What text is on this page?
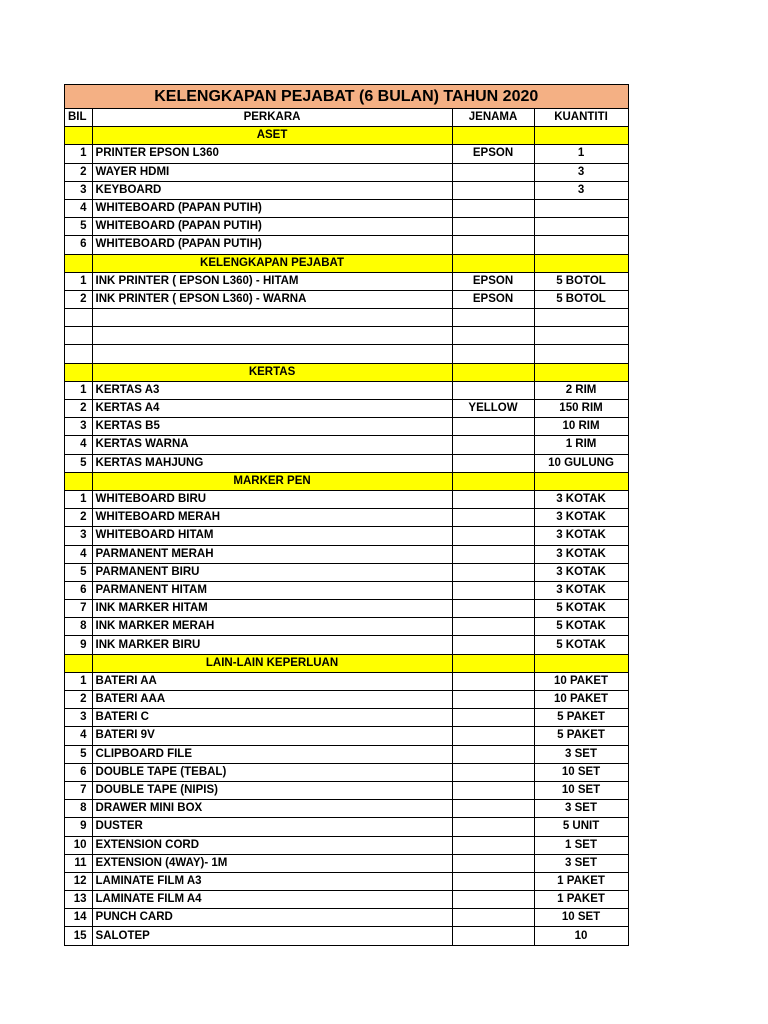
KELENGKAPAN PEJABAT (6 BULAN) TAHUN 2020			
BIL	PERKARA	JENAMA	KUANTITI
	ASET		
1	PRINTER EPSON L360	EPSON	1
2	WAYER HDMI		3
3	KEYBOARD		3
4	WHITEBOARD (PAPAN PUTIH)		
5	WHITEBOARD (PAPAN PUTIH)		
6	WHITEBOARD (PAPAN PUTIH)		
	KELENGKAPAN PEJABAT		
1	INK PRINTER ( EPSON L360) - HITAM	EPSON	5 BOTOL
2	INK PRINTER ( EPSON L360) - WARNA	EPSON	5 BOTOL

	KERTAS		
1	KERTAS A3		2 RIM
2	KERTAS A4	YELLOW	150 RIM
3	KERTAS B5		10 RIM
4	KERTAS WARNA		1 RIM
5	KERTAS MAHJUNG		10 GULUNG
	MARKER PEN		
1	WHITEBOARD BIRU		3 KOTAK
2	WHITEBOARD MERAH		3 KOTAK
3	WHITEBOARD HITAM		3 KOTAK
4	PARMANENT MERAH		3 KOTAK
5	PARMANENT BIRU		3 KOTAK
6	PARMANENT HITAM		3 KOTAK
7	INK MARKER HITAM		5 KOTAK
8	INK MARKER MERAH		5 KOTAK
9	INK MARKER BIRU		5 KOTAK
	LAIN-LAIN KEPERLUAN		
1	BATERI AA		10 PAKET
2	BATERI AAA		10 PAKET
3	BATERI C		5 PAKET
4	BATERI 9V		5 PAKET
5	CLIPBOARD FILE		3 SET
6	DOUBLE TAPE (TEBAL)		10 SET
7	DOUBLE TAPE (NIPIS)		10 SET
8	DRAWER MINI BOX		3 SET
9	DUSTER		5 UNIT
10	EXTENSION CORD		1 SET
11	EXTENSION (4WAY)- 1M		3 SET
12	LAMINATE FILM A3		1 PAKET
13	LAMINATE FILM A4		1 PAKET
14	PUNCH CARD		10 SET
15	SALOTEP		10
